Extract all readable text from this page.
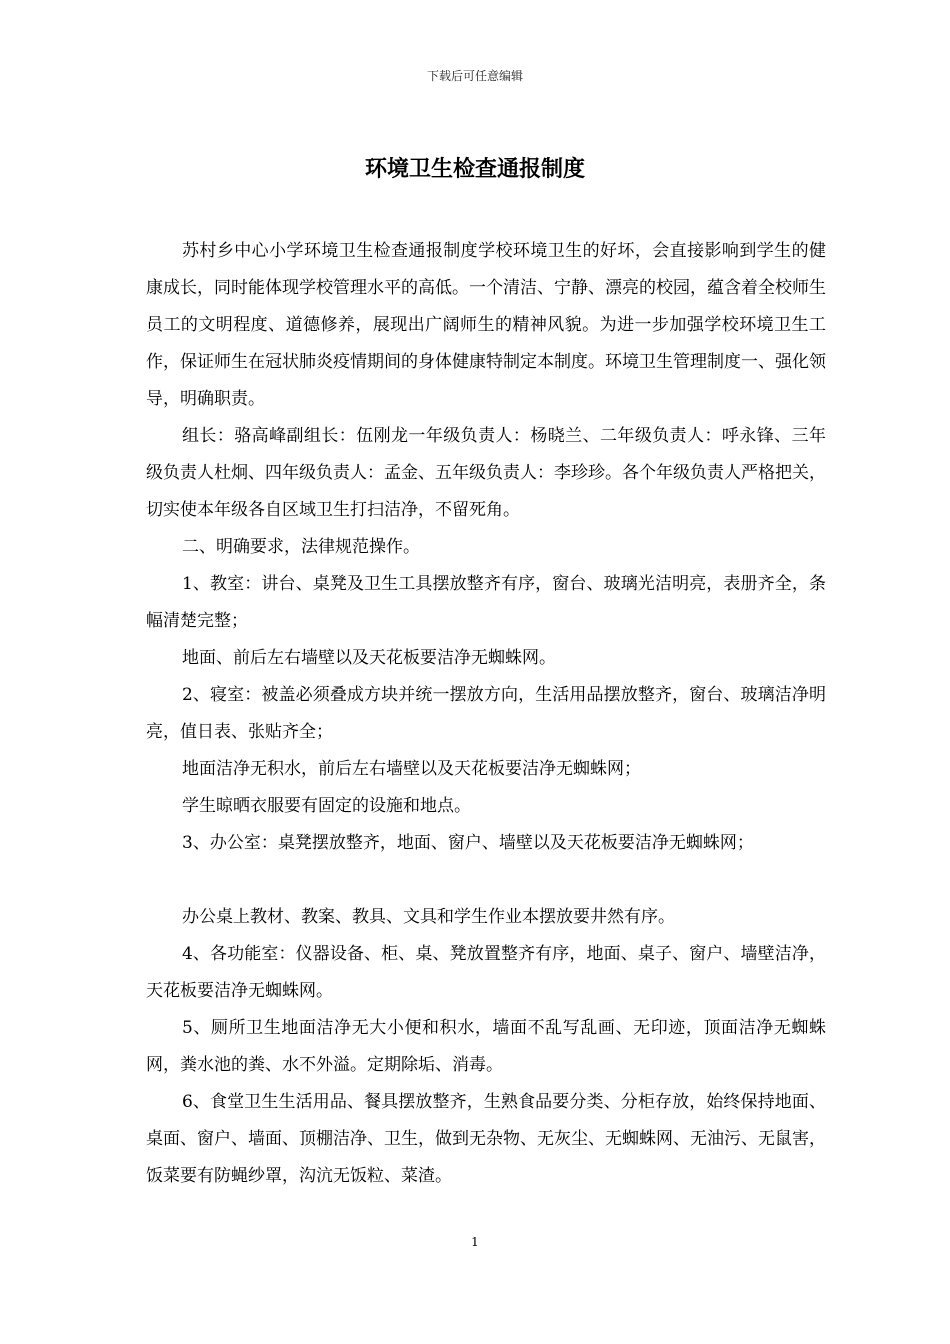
下载后可任意编辑
环境卫生检查通报制度

苏村乡中心小学环境卫生检查通报制度学校环境卫生的好坏，会直接影响到学生的健康成长，同时能体现学校管理水平的高低。一个清洁、宁静、漂亮的校园，蕴含着全校师生员工的文明程度、道德修养，展现出广阔师生的精神风貌。为进一步加强学校环境卫生工作，保证师生在冠状肺炎疫情期间的身体健康特制定本制度。环境卫生管理制度一、强化领导，明确职责。

组长：骆高峰副组长：伍刚龙一年级负责人：杨晓兰、二年级负责人：呼永锋、三年级负责人杜炯、四年级负责人：孟金、五年级负责人：李珍珍。各个年级负责人严格把关，切实使本年级各自区域卫生打扫洁净，不留死角。

二、明确要求，法律规范操作。

1、教室：讲台、桌凳及卫生工具摆放整齐有序，窗台、玻璃光洁明亮，表册齐全，条幅清楚完整；

地面、前后左右墙壁以及天花板要洁净无蜘蛛网。

2、寝室：被盖必须叠成方块并统一摆放方向，生活用品摆放整齐，窗台、玻璃洁净明亮，值日表、张贴齐全；

地面洁净无积水，前后左右墙壁以及天花板要洁净无蜘蛛网；

学生晾晒衣服要有固定的设施和地点。

3、办公室：桌凳摆放整齐，地面、窗户、墙壁以及天花板要洁净无蜘蛛网；

办公桌上教材、教案、教具、文具和学生作业本摆放要井然有序。

4、各功能室：仪器设备、柜、桌、凳放置整齐有序，地面、桌子、窗户、墙壁洁净，天花板要洁净无蜘蛛网。

5、厕所卫生地面洁净无大小便和积水，墙面不乱写乱画、无印迹，顶面洁净无蜘蛛网，粪水池的粪、水不外溢。定期除垢、消毒。

6、食堂卫生生活用品、餐具摆放整齐，生熟食品要分类、分柜存放，始终保持地面、桌面、窗户、墙面、顶棚洁净、卫生，做到无杂物、无灰尘、无蜘蛛网、无油污、无鼠害，饭菜要有防蝇纱罩，沟沆无饭粒、菜渣。

1
